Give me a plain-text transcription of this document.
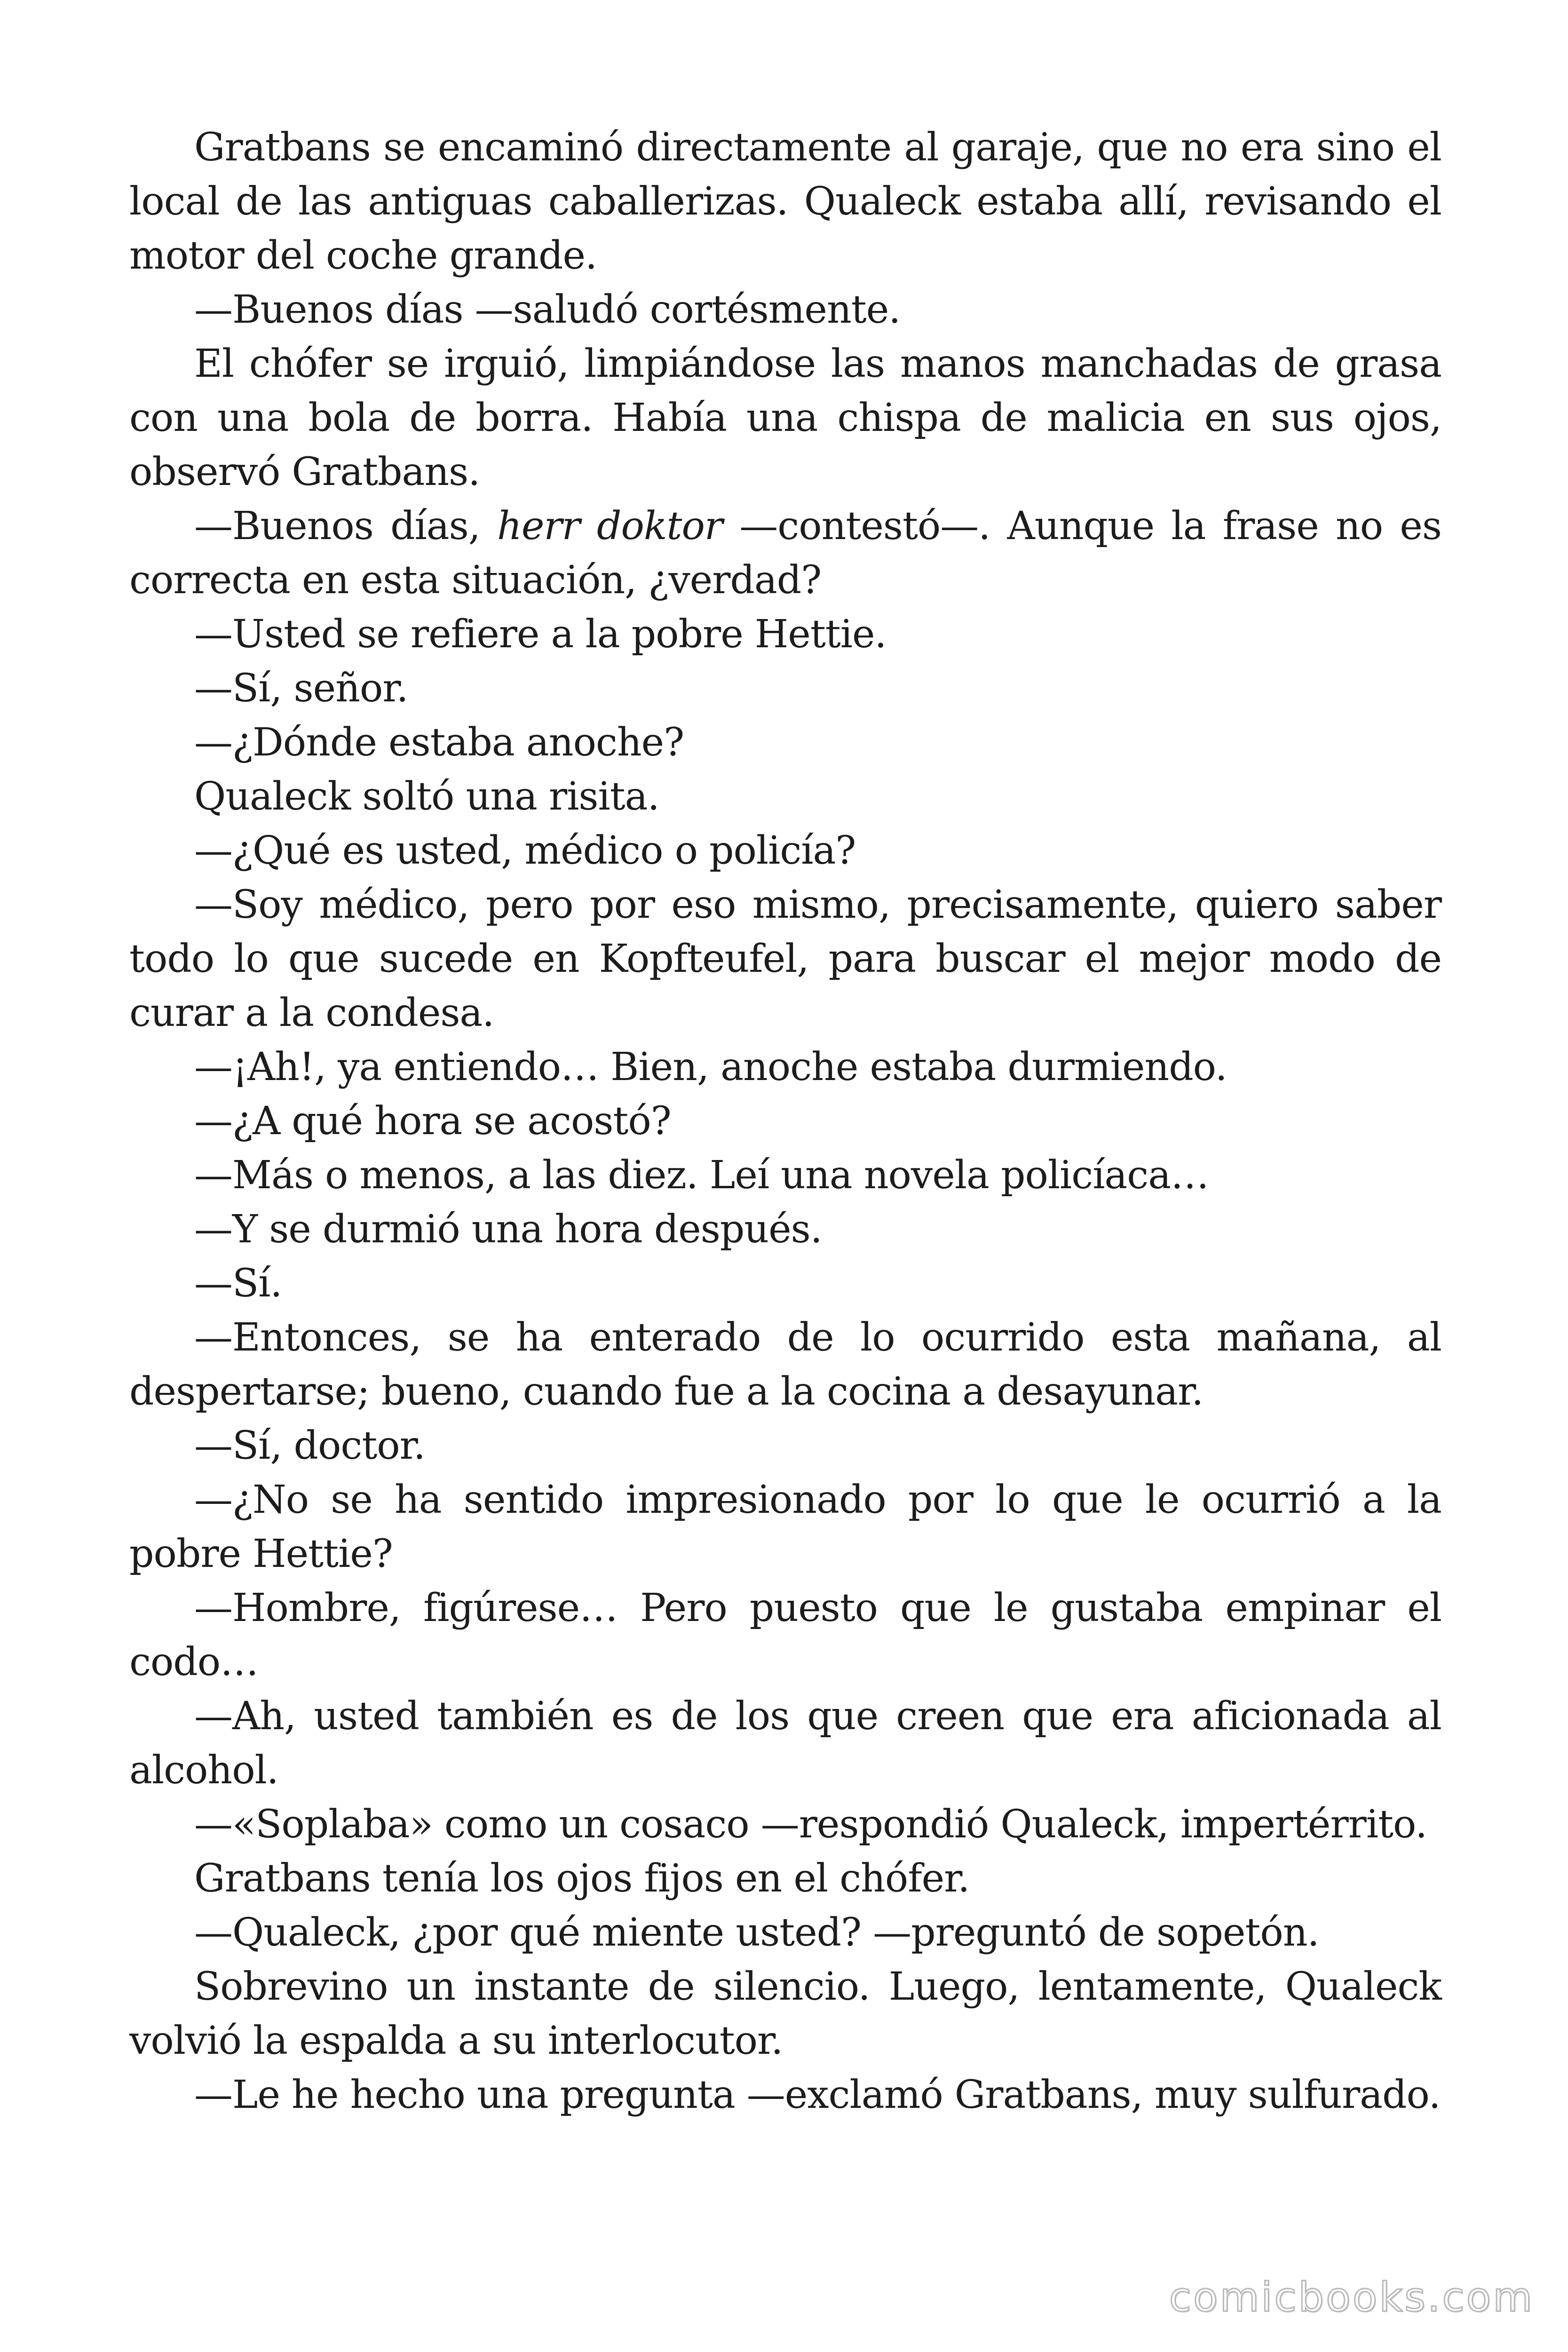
Gratbans se encaminó directamente al garaje, que no era sino el local de las antiguas caballerizas. Qualeck estaba allí, revisando el motor del coche grande.

—Buenos días —saludó cortésmente.

El chófer se irguió, limpiándose las manos manchadas de grasa con una bola de borra. Había una chispa de malicia en sus ojos, observó Gratbans.

—Buenos días, herr doktor —contestó—. Aunque la frase no es correcta en esta situación, ¿verdad?

—Usted se refiere a la pobre Hettie.

—Sí, señor.

—¿Dónde estaba anoche?

Qualeck soltó una risita.

—¿Qué es usted, médico o policía?

—Soy médico, pero por eso mismo, precisamente, quiero saber todo lo que sucede en Kopfteufel, para buscar el mejor modo de curar a la condesa.

—¡Ah!, ya entiendo… Bien, anoche estaba durmiendo.

—¿A qué hora se acostó?

—Más o menos, a las diez. Leí una novela policíaca…

—Y se durmió una hora después.

—Sí.

—Entonces, se ha enterado de lo ocurrido esta mañana, al despertarse; bueno, cuando fue a la cocina a desayunar.

—Sí, doctor.

—¿No se ha sentido impresionado por lo que le ocurrió a la pobre Hettie?

—Hombre, figúrese… Pero puesto que le gustaba empinar el codo…

—Ah, usted también es de los que creen que era aficionada al alcohol.

—«Soplaba» como un cosaco —respondió Qualeck, impertérrito.

Gratbans tenía los ojos fijos en el chófer.

—Qualeck, ¿por qué miente usted? —preguntó de sopetón.

Sobrevino un instante de silencio. Luego, lentamente, Qualeck volvió la espalda a su interlocutor.

—Le he hecho una pregunta —exclamó Gratbans, muy sulfurado.

comicbooks.com
